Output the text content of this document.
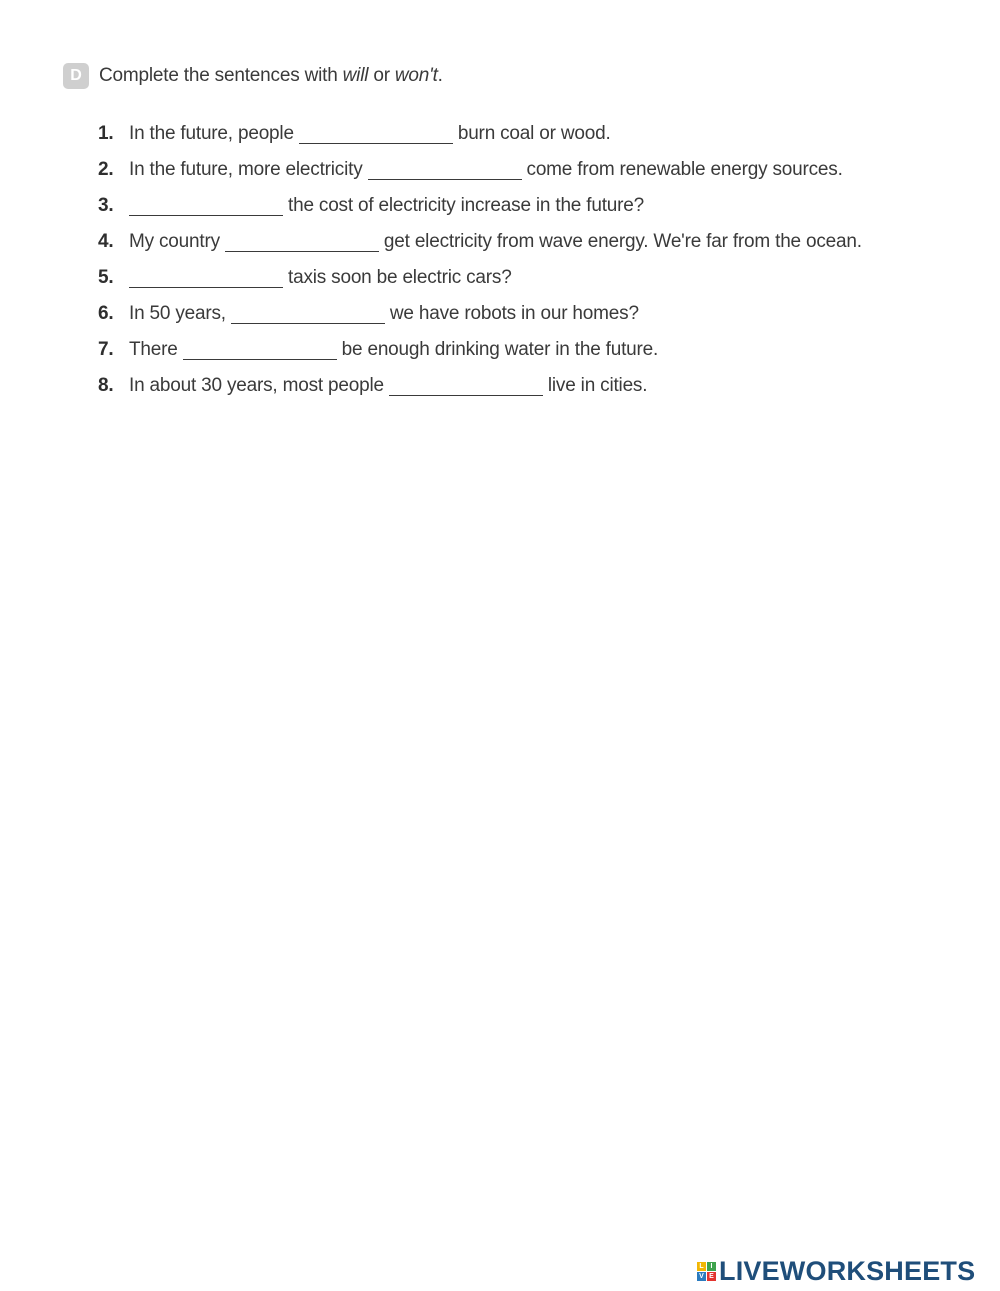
D Complete the sentences with will or won't.
1. In the future, people	burn coal or wood.
2. In the future, more electricity	come from renewable energy sources.
3.	the cost of electricity increase in the future?
4. My country	get electricity from wave energy. We're far from the ocean.
5.	taxis soon be electric cars?
6. In 50 years,	we have robots in our homes?
7. There	be enough drinking water in the future.
8. In about 30 years, most people	live in cities.
L I
V E LIVEWORKSHEETS
